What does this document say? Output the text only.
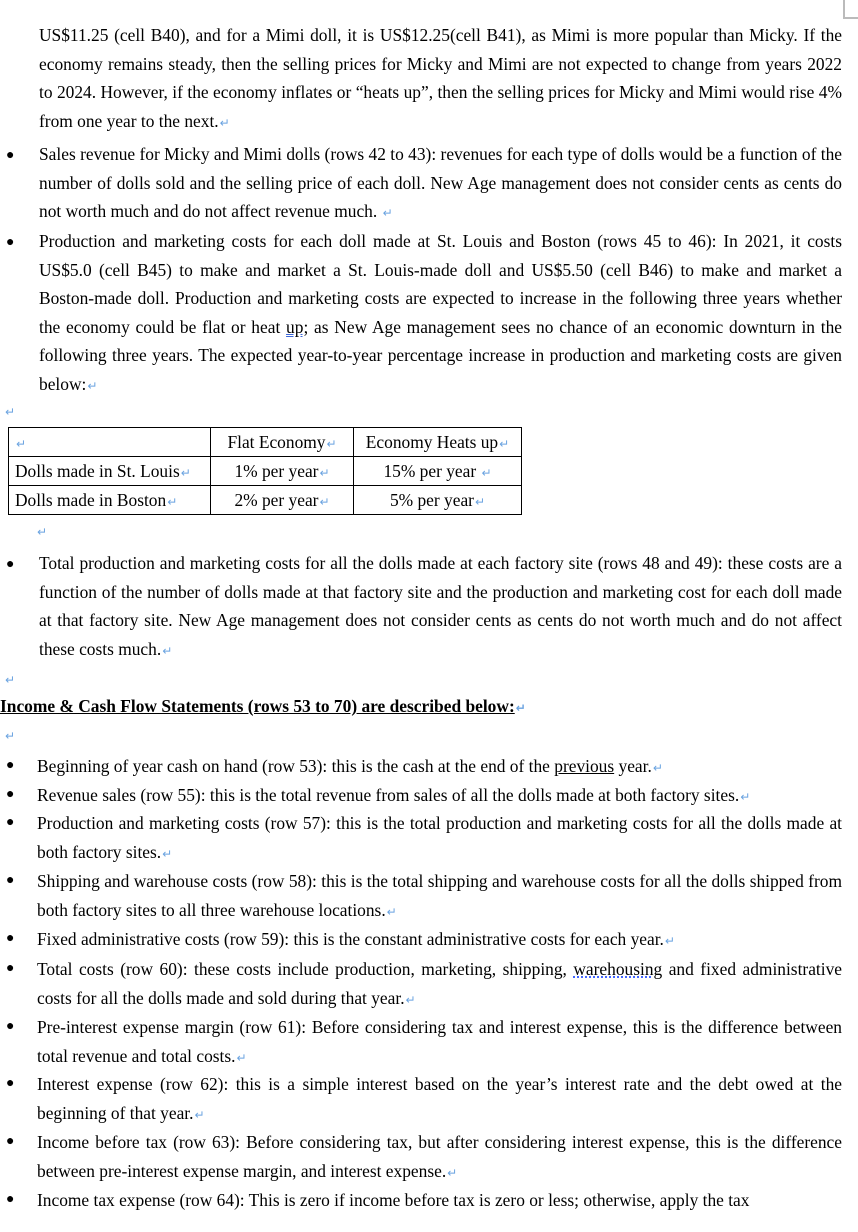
US$11.25 (cell B40), and for a Mimi doll, it is US$12.25(cell B41), as Mimi is more popular than Micky. If the economy remains steady, then the selling prices for Micky and Mimi are not expected to change from years 2022 to 2024. However, if the economy inflates or “heats up”, then the selling prices for Micky and Mimi would rise 4% from one year to the next. ↵
● Sales revenue for Micky and Mimi dolls (rows 42 to 43): revenues for each type of dolls would be a function of the number of dolls sold and the selling price of each doll. New Age management does not consider cents as cents do not worth much and do not affect revenue much. ↵
● Production and marketing costs for each doll made at St. Louis and Boston (rows 45 to 46): In 2021, it costs US$5.0 (cell B45) to make and market a St. Louis-made doll and US$5.50 (cell B46) to make and market a Boston-made doll. Production and marketing costs are expected to increase in the following three years whether the economy could be flat or heat up; as New Age management sees no chance of an economic downturn in the following three years. The expected year-to-year percentage increase in production and marketing costs are given below: ↵
↵
↵	Flat Economy ↵	Economy Heats up ↵
Dolls made in St. Louis ↵	1% per year ↵	15% per year  ↵
Dolls made in Boston ↵	2% per year ↵	5% per year ↵
↵
● Total production and marketing costs for all the dolls made at each factory site (rows 48 and 49): these costs are a function of the number of dolls made at that factory site and the production and marketing cost for each doll made at that factory site. New Age management does not consider cents as cents do not worth much and do not affect these costs much. ↵
↵
Income & Cash Flow Statements (rows 53 to 70) are described below:↵
↵
● Beginning of year cash on hand (row 53): this is the cash at the end of the previous year. ↵
● Revenue sales (row 55): this is the total revenue from sales of all the dolls made at both factory sites. ↵
● Production and marketing costs (row 57): this is the total production and marketing costs for all the dolls made at both factory sites. ↵
● Shipping and warehouse costs (row 58): this is the total shipping and warehouse costs for all the dolls shipped from both factory sites to all three warehouse locations. ↵
● Fixed administrative costs (row 59): this is the constant administrative costs for each year. ↵
● Total costs (row 60): these costs include production, marketing, shipping, warehousing and fixed administrative costs for all the dolls made and sold during that year. ↵
● Pre-interest expense margin (row 61): Before considering tax and interest expense, this is the difference between total revenue and total costs. ↵
● Interest expense (row 62): this is a simple interest based on the year’s interest rate and the debt owed at the beginning of that year. ↵
● Income before tax (row 63): Before considering tax, but after considering interest expense, this is the difference between pre-interest expense margin, and interest expense. ↵
● Income tax expense (row 64): This is zero if income before tax is zero or less; otherwise, apply the tax
